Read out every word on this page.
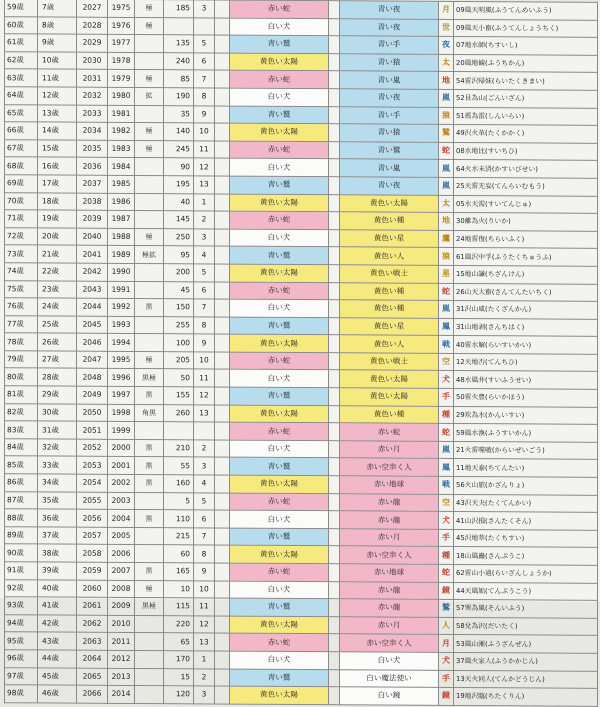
59歳	7歳	2027	1975	極	185	3		赤い蛇		青い夜	月	09風天明風(ふうてんめいふう)
60歳	8歳	2028	1976	極				白い犬		青い夜	世	09風天小畜(ふうてんしょうちく)
61歳	9歳	2029	1977		135	5		青い鷲		青い手	夜	07地水師(ちすいし)
62歳	10歳	2030	1978		240	6		黄色い太陽		青い猿	太	20風地観(ふうちかん)
63歳	11歳	2031	1979	極	85	7		赤い蛇		青い嵐	地	54雷沢帰妹(らいたくきまい)
64歳	12歳	2032	1980	拡	190	8		白い犬		青い夜	嵐	52艮為山(ごんいざん)
65歳	13歳	2033	1981		35	9		青い鷲		青い手	猿	51震為雷(しんいらい)
66歳	14歳	2034	1982	極	140	10		黄色い太陽		青い猿	鷲	49沢火革(たくかかく)
67歳	15歳	2035	1983	極	245	11		赤い蛇		青い鷲	蛇	08水地比(すいちひ)
68歳	16歳	2036	1984		90	12		白い犬		青い嵐	嵐	64火水未済(かすいびせい)
69歳	17歳	2037	1985		195	13		青い鷲		青い夜	嵐	25天雷无妄(てんらいむもう)
70歳	18歳	2038	1986		40	1		黄色い太陽		黄色い太陽	太	05水天需(すいてんじゅ)
71歳	19歳	2039	1987		145	2		赤い蛇		黄色い種	地	30離為火(りいか)
72歳	20歳	2040	1988	極	250	3		白い犬		黄色い星	鷹	24地雷復(ちらいふく)
73歳	21歳	2041	1989	極拡	95	4		青い鷲		黄色い人	猿	61風沢中孚(ふうたくちゅうふ)
74歳	22歳	2042	1990		200	5		黄色い太陽		黄色い戦士	星	15地山謙(ちざんけん)
75歳	23歳	2043	1991		45	6		赤い蛇		黄色い種	蛇	26山天大畜(さんてんたいちく)
76歳	24歳	2044	1992	黒	150	7		白い犬		黄色い種	嵐	31沢山咸(たくざんかん)
77歳	25歳	2045	1993		255	8		青い鷲		黄色い星	鳳	31山地剥(さんちはく)
78歳	26歳	2046	1994		100	9		黄色い太陽		黄色い人	戦	40雷水解(らいすいかい)
79歳	27歳	2047	1995	極	205	10		赤い蛇		黄色い戦士	空	12天地否(てんちひ)
80歳	28歳	2048	1996	黒極	50	11		白い犬		黄色い太陽	犬	48水風井(すいふうせい)
81歳	29歳	2049	1997	黒	155	12		青い鷲		黄色い太陽	手	50雷火豊(らいかほう)
82歳	30歳	2050	1998	角黒	260	13		黄色い太陽		黄色い種	種	29坎為水(かんいすい)
83歳	31歳	2051	1999					赤い蛇		赤い蛇	蛇	59風水渙(ふうすいかん)
84歳	32歳	2052	2000	黒	210	2		白い犬		赤い月	嵐	21火雷噬嗑(からいぜいごう)
85歳	33歳	2053	2001	黒	55	3		青い鷲		赤い空歩く人	鳳	11地天泰(ちてんたい)
86歳	34歳	2054	2002	黒	160	4		黄色い太陽		赤い地球	戦	56火山旅(かざんりょ)
87歳	35歳	2055	2003		5	5		赤い蛇		赤い龍	空	43沢天夬(たくてんかい)
88歳	36歳	2056	2004	黒	110	6		白い犬		赤い龍	犬	41山沢損(さんたくそん)
89歳	37歳	2057	2005		215	7		青い鷲		赤い月	手	45沢地萃(たくちすい)
90歳	38歳	2058	2006		60	8		黄色い太陽		赤い空歩く人	種	18山風蠱(さんぷうこ)
91歳	39歳	2059	2007	黒	165	9		赤い蛇		赤い地球	蛇	62雷山小過(らいざんしょうか)
92歳	40歳	2060	2008	極	10	10		白い犬		赤い龍	鏡	44天風姤(てんぷうこう)
93歳	41歳	2061	2009	黒極	115	11		青い鷲		赤い龍	鷲	57巽為風(そんいふう)
94歳	42歳	2062	2010		220	12		黄色い太陽		赤い月	人	58兌為沢(だいたく)
95歳	43歳	2063	2011		65	13		赤い蛇		赤い空歩く人	月	53風山漸(ふうざんぜん)
96歳	44歳	2064	2012		170	1		白い犬		白い犬	犬	37風火家人(ふうかかじん)
97歳	45歳	2065	2013		15	2		青い鷲		白い魔法使い	手	13天火同人(てんかどうじん)
98歳	46歳	2066	2014		120	3		黄色い太陽		白い鏡	鏡	19地沢臨(ちたくりん)
